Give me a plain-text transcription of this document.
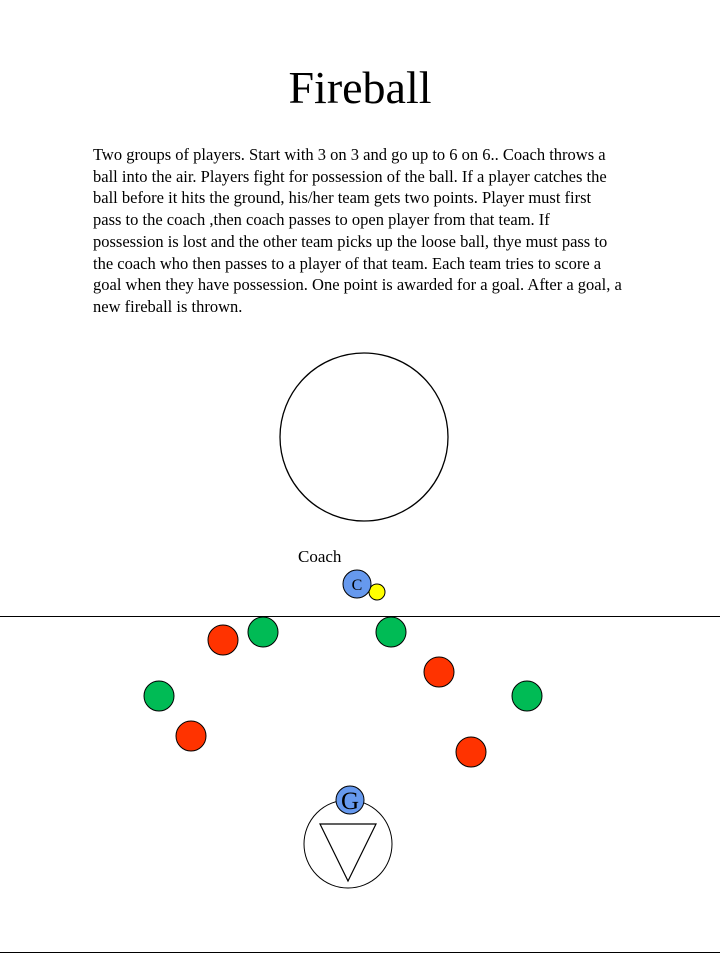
Fireball

Two groups of players. Start with 3 on 3 and go up to 6 on 6.. Coach throws a ball into the air. Players fight for possession of the ball. If a player catches the ball before it hits the ground, his/her team gets two points. Player must first pass to the coach ,then coach passes to open player from that team. If possession is lost and the other team picks up the loose ball, thye must pass to the coach who then passes to a player of that team. Each team tries to score a goal when they have possession. One point is awarded for a goal. After a goal, a new fireball is thrown.

Coach
C
G
